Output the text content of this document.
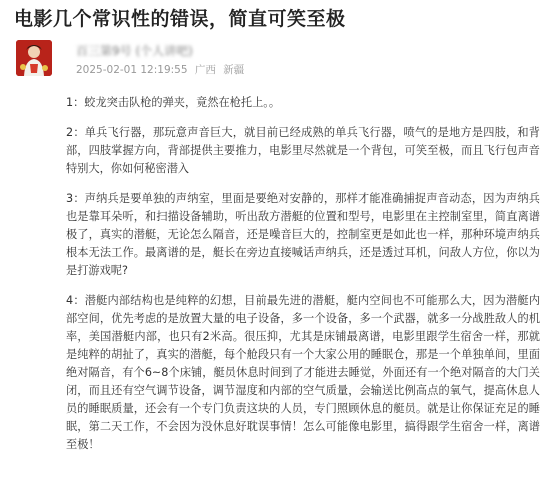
电影几个常识性的错误，简直可笑至极
百三第9号 (个人讲吧)
2025-02-01 12:19:55 广西 新疆

1：蛟龙突击队枪的弹夹，竟然在枪托上。。

2：单兵飞行器，那玩意声音巨大，就目前已经成熟的单兵飞行器，喷气的是地方是四肢，和背部，四肢掌握方向，背部提供主要推力，电影里尽然就是一个背包，可笑至极，而且飞行包声音特别大，你如何秘密潜入

3：声纳兵是要单独的声纳室，里面是要绝对安静的，那样才能准确捕捉声音动态，因为声纳兵也是靠耳朵听，和扫描设备辅助，听出敌方潜艇的位置和型号，电影里在主控制室里，简直离谱极了，真实的潜艇，无论怎么隔音，还是噪音巨大的，控制室更是如此也一样，那种环境声纳兵根本无法工作。最离谱的是，艇长在旁边直接喊话声纳兵，还是透过耳机，问敌人方位，你以为是打游戏呢?

4：潜艇内部结构也是纯粹的幻想，目前最先进的潜艇，艇内空间也不可能那么大，因为潜艇内部空间，优先考虑的是放置大量的电子设备，多一个设备，多一个武器，就多一分战胜敌人的机率，美国潜艇内部，也只有2米高。很压抑，尤其是床铺最离谱，电影里跟学生宿舍一样，那就是纯粹的胡扯了，真实的潜艇，每个舱段只有一个大家公用的睡眠仓，那是一个单独单间，里面绝对隔音，有个6~8个床铺，艇员休息时间到了才能进去睡觉，外面还有一个绝对隔音的大门关闭，而且还有空气调节设备，调节湿度和内部的空气质量，会输送比例高点的氧气，提高休息人员的睡眠质量，还会有一个专门负责这块的人员，专门照顾休息的艇员。就是让你保证充足的睡眠，第二天工作，不会因为没休息好耽误事情！怎么可能像电影里，搞得跟学生宿舍一样，离谱至极！
